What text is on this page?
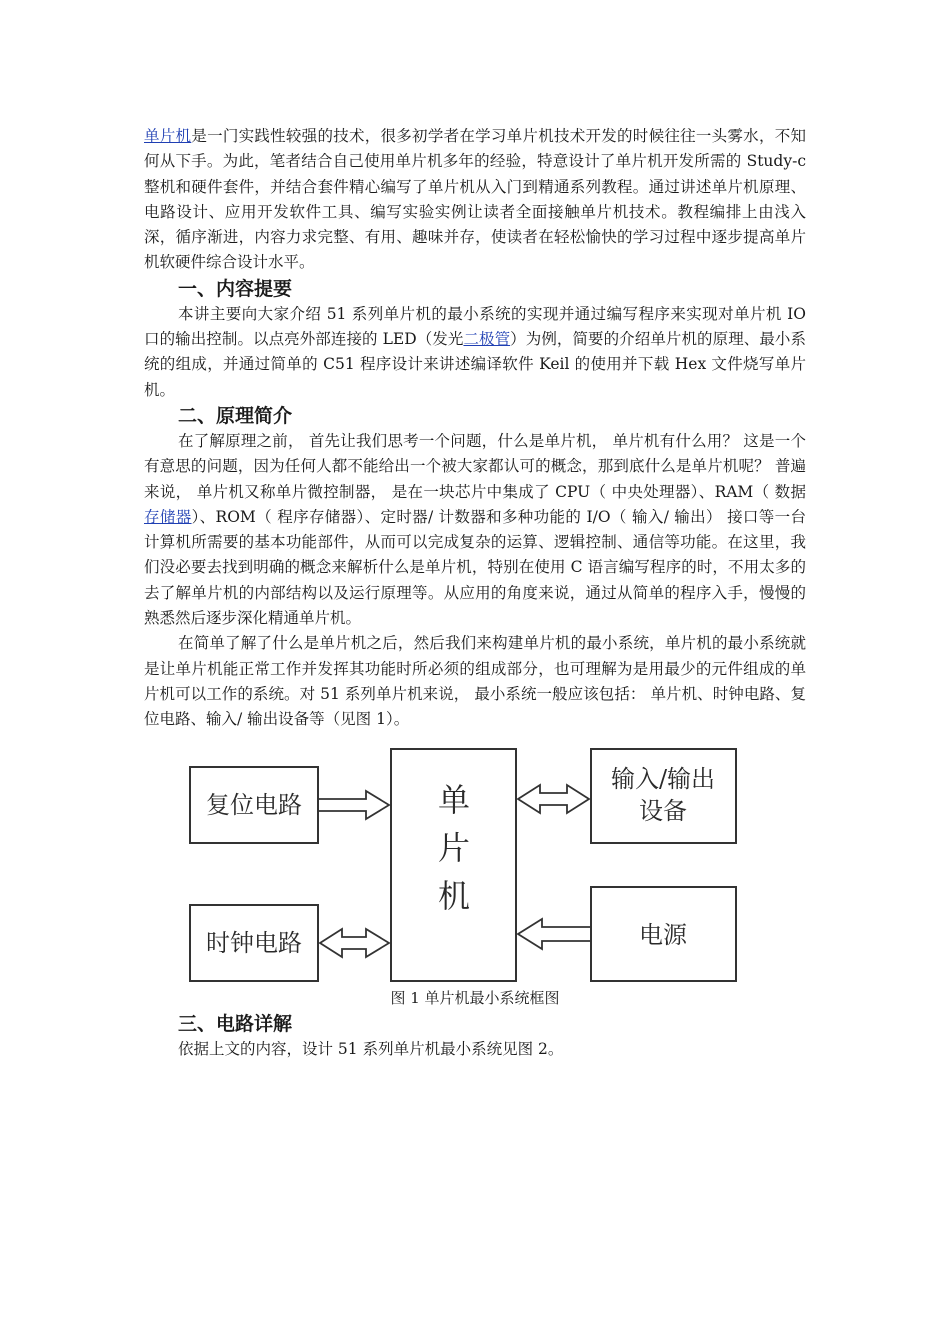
单片机是一门实践性较强的技术，很多初学者在学习单片机技术开发的时候往往一头雾水，不知何从下手。为此，笔者结合自己使用单片机多年的经验，特意设计了单片机开发所需的 Study-c 整机和硬件套件，并结合套件精心编写了单片机从入门到精通系列教程。通过讲述单片机原理、电路设计、应用开发软件工具、编写实验实例让读者全面接触单片机技术。教程编排上由浅入深，循序渐进，内容力求完整、有用、趣味并存，使读者在轻松愉快的学习过程中逐步提高单片机软硬件综合设计水平。

一、内容提要

本讲主要向大家介绍 51 系列单片机的最小系统的实现并通过编写程序来实现对单片机 IO 口的输出控制。以点亮外部连接的 LED（发光二极管）为例，简要的介绍单片机的原理、最小系统的组成，并通过简单的 C51 程序设计来讲述编译软件 Keil 的使用并下载 Hex 文件烧写单片机。

二、原理简介

在了解原理之前， 首先让我们思考一个问题，什么是单片机， 单片机有什么用？ 这是一个有意思的问题，因为任何人都不能给出一个被大家都认可的概念，那到底什么是单片机呢？ 普遍来说， 单片机又称单片微控制器， 是在一块芯片中集成了 CPU（ 中央处理器）、RAM（ 数据存储器）、ROM（ 程序存储器）、定时器/ 计数器和多种功能的 I/O（ 输入/ 输出） 接口等一台计算机所需要的基本功能部件，从而可以完成复杂的运算、逻辑控制、通信等功能。在这里，我们没必要去找到明确的概念来解析什么是单片机，特别在使用 C 语言编写程序的时，不用太多的去了解单片机的内部结构以及运行原理等。从应用的角度来说，通过从简单的程序入手，慢慢的熟悉然后逐步深化精通单片机。

在简单了解了什么是单片机之后，然后我们来构建单片机的最小系统，单片机的最小系统就是让单片机能正常工作并发挥其功能时所必须的组成部分，也可理解为是用最少的元件组成的单片机可以工作的系统。对 51 系列单片机来说， 最小系统一般应该包括： 单片机、时钟电路、复位电路、输入/ 输出设备等（见图 1）。

复位电路
时钟电路
单
片
机
输入/输出
设备
电源
图 1 单片机最小系统框图
三、电路详解

依据上文的内容，设计 51 系列单片机最小系统见图 2。
